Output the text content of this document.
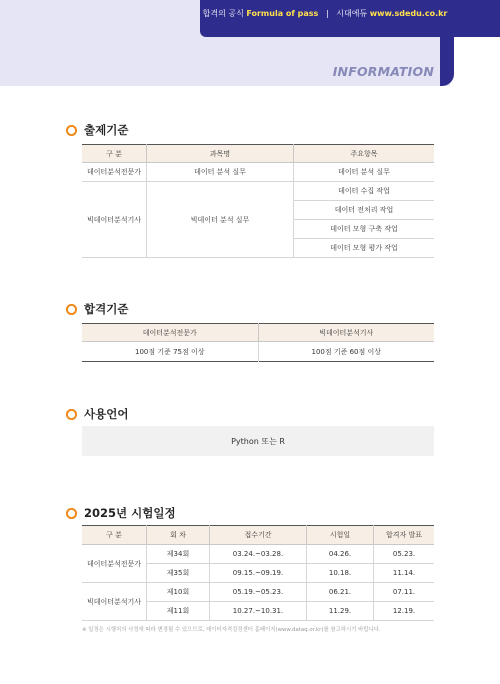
합격의 공식 Formula of pass | 시대에듀 www.sdedu.co.kr
INFORMATION
출제기준
구 분	과목명	주요항목
데이터분석전문가	데이터 분석 실무	데이터 분석 실무
빅데이터분석기사	빅데이터 분석 실무	데이터 수집 작업
		데이터 전처리 작업
		데이터 모형 구축 작업
		데이터 모형 평가 작업
합격기준
데이터분석전문가	빅데이터분석기사
100점 기준 75점 이상	100점 기준 60점 이상
사용언어
Python 또는 R
2025년 시험일정
구 분	회 차	접수기간	시험일	합격자 발표
데이터분석전문가	제34회	03.24.~03.28.	04.26.	05.23.
	제35회	09.15.~09.19.	10.18.	11.14.
빅데이터분석기사	제10회	05.19.~05.23.	06.21.	07.11.
	제11회	10.27.~10.31.	11.29.	12.19.
※ 일정은 시행처의 사정에 따라 변경될 수 있으므로, 데이터자격검정센터 홈페이지(www.dataq.or.kr)를 참고하시기 바랍니다.
